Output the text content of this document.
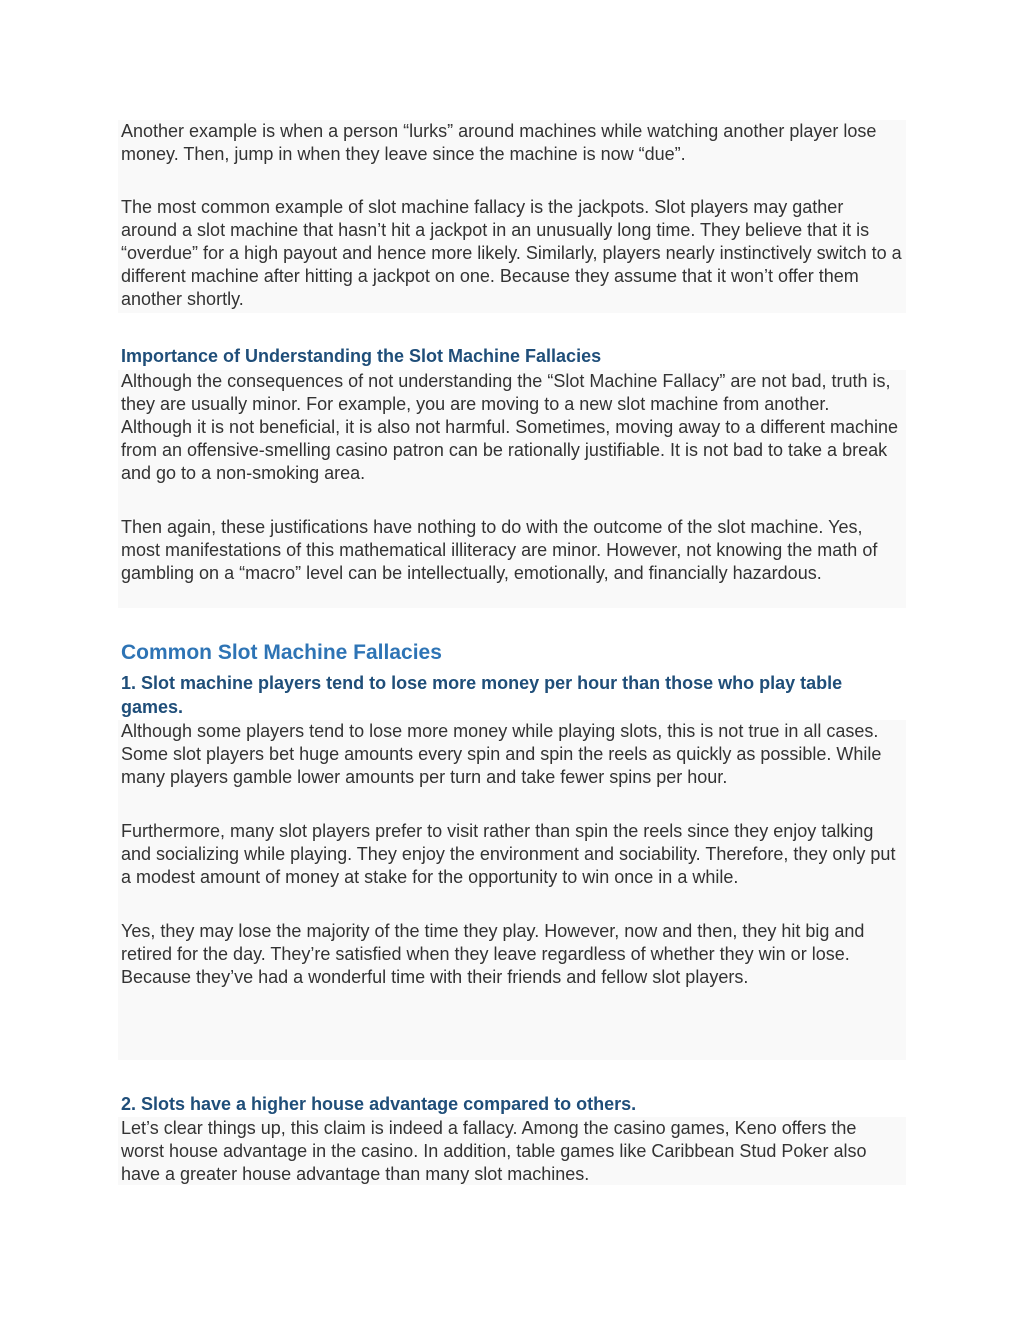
Another example is when a person “lurks” around machines while watching another player lose money. Then, jump in when they leave since the machine is now “due”.

The most common example of slot machine fallacy is the jackpots. Slot players may gather around a slot machine that hasn’t hit a jackpot in an unusually long time. They believe that it is “overdue” for a high payout and hence more likely. Similarly, players nearly instinctively switch to a different machine after hitting a jackpot on one. Because they assume that it won’t offer them another shortly.

Importance of Understanding the Slot Machine Fallacies

Although the consequences of not understanding the “Slot Machine Fallacy” are not bad, truth is, they are usually minor. For example, you are moving to a new slot machine from another. Although it is not beneficial, it is also not harmful. Sometimes, moving away to a different machine from an offensive-smelling casino patron can be rationally justifiable. It is not bad to take a break and go to a non-smoking area.

Then again, these justifications have nothing to do with the outcome of the slot machine. Yes, most manifestations of this mathematical illiteracy are minor. However, not knowing the math of gambling on a “macro” level can be intellectually, emotionally, and financially hazardous.

Common Slot Machine Fallacies
1. Slot machine players tend to lose more money per hour than those who play table games.

Although some players tend to lose more money while playing slots, this is not true in all cases. Some slot players bet huge amounts every spin and spin the reels as quickly as possible. While many players gamble lower amounts per turn and take fewer spins per hour.

Furthermore, many slot players prefer to visit rather than spin the reels since they enjoy talking and socializing while playing. They enjoy the environment and sociability. Therefore, they only put a modest amount of money at stake for the opportunity to win once in a while.

Yes, they may lose the majority of the time they play. However, now and then, they hit big and retired for the day. They’re satisfied when they leave regardless of whether they win or lose. Because they’ve had a wonderful time with their friends and fellow slot players.

2. Slots have a higher house advantage compared to others.

Let’s clear things up, this claim is indeed a fallacy. Among the casino games, Keno offers the worst house advantage in the casino. In addition, table games like Caribbean Stud Poker also have a greater house advantage than many slot machines.
